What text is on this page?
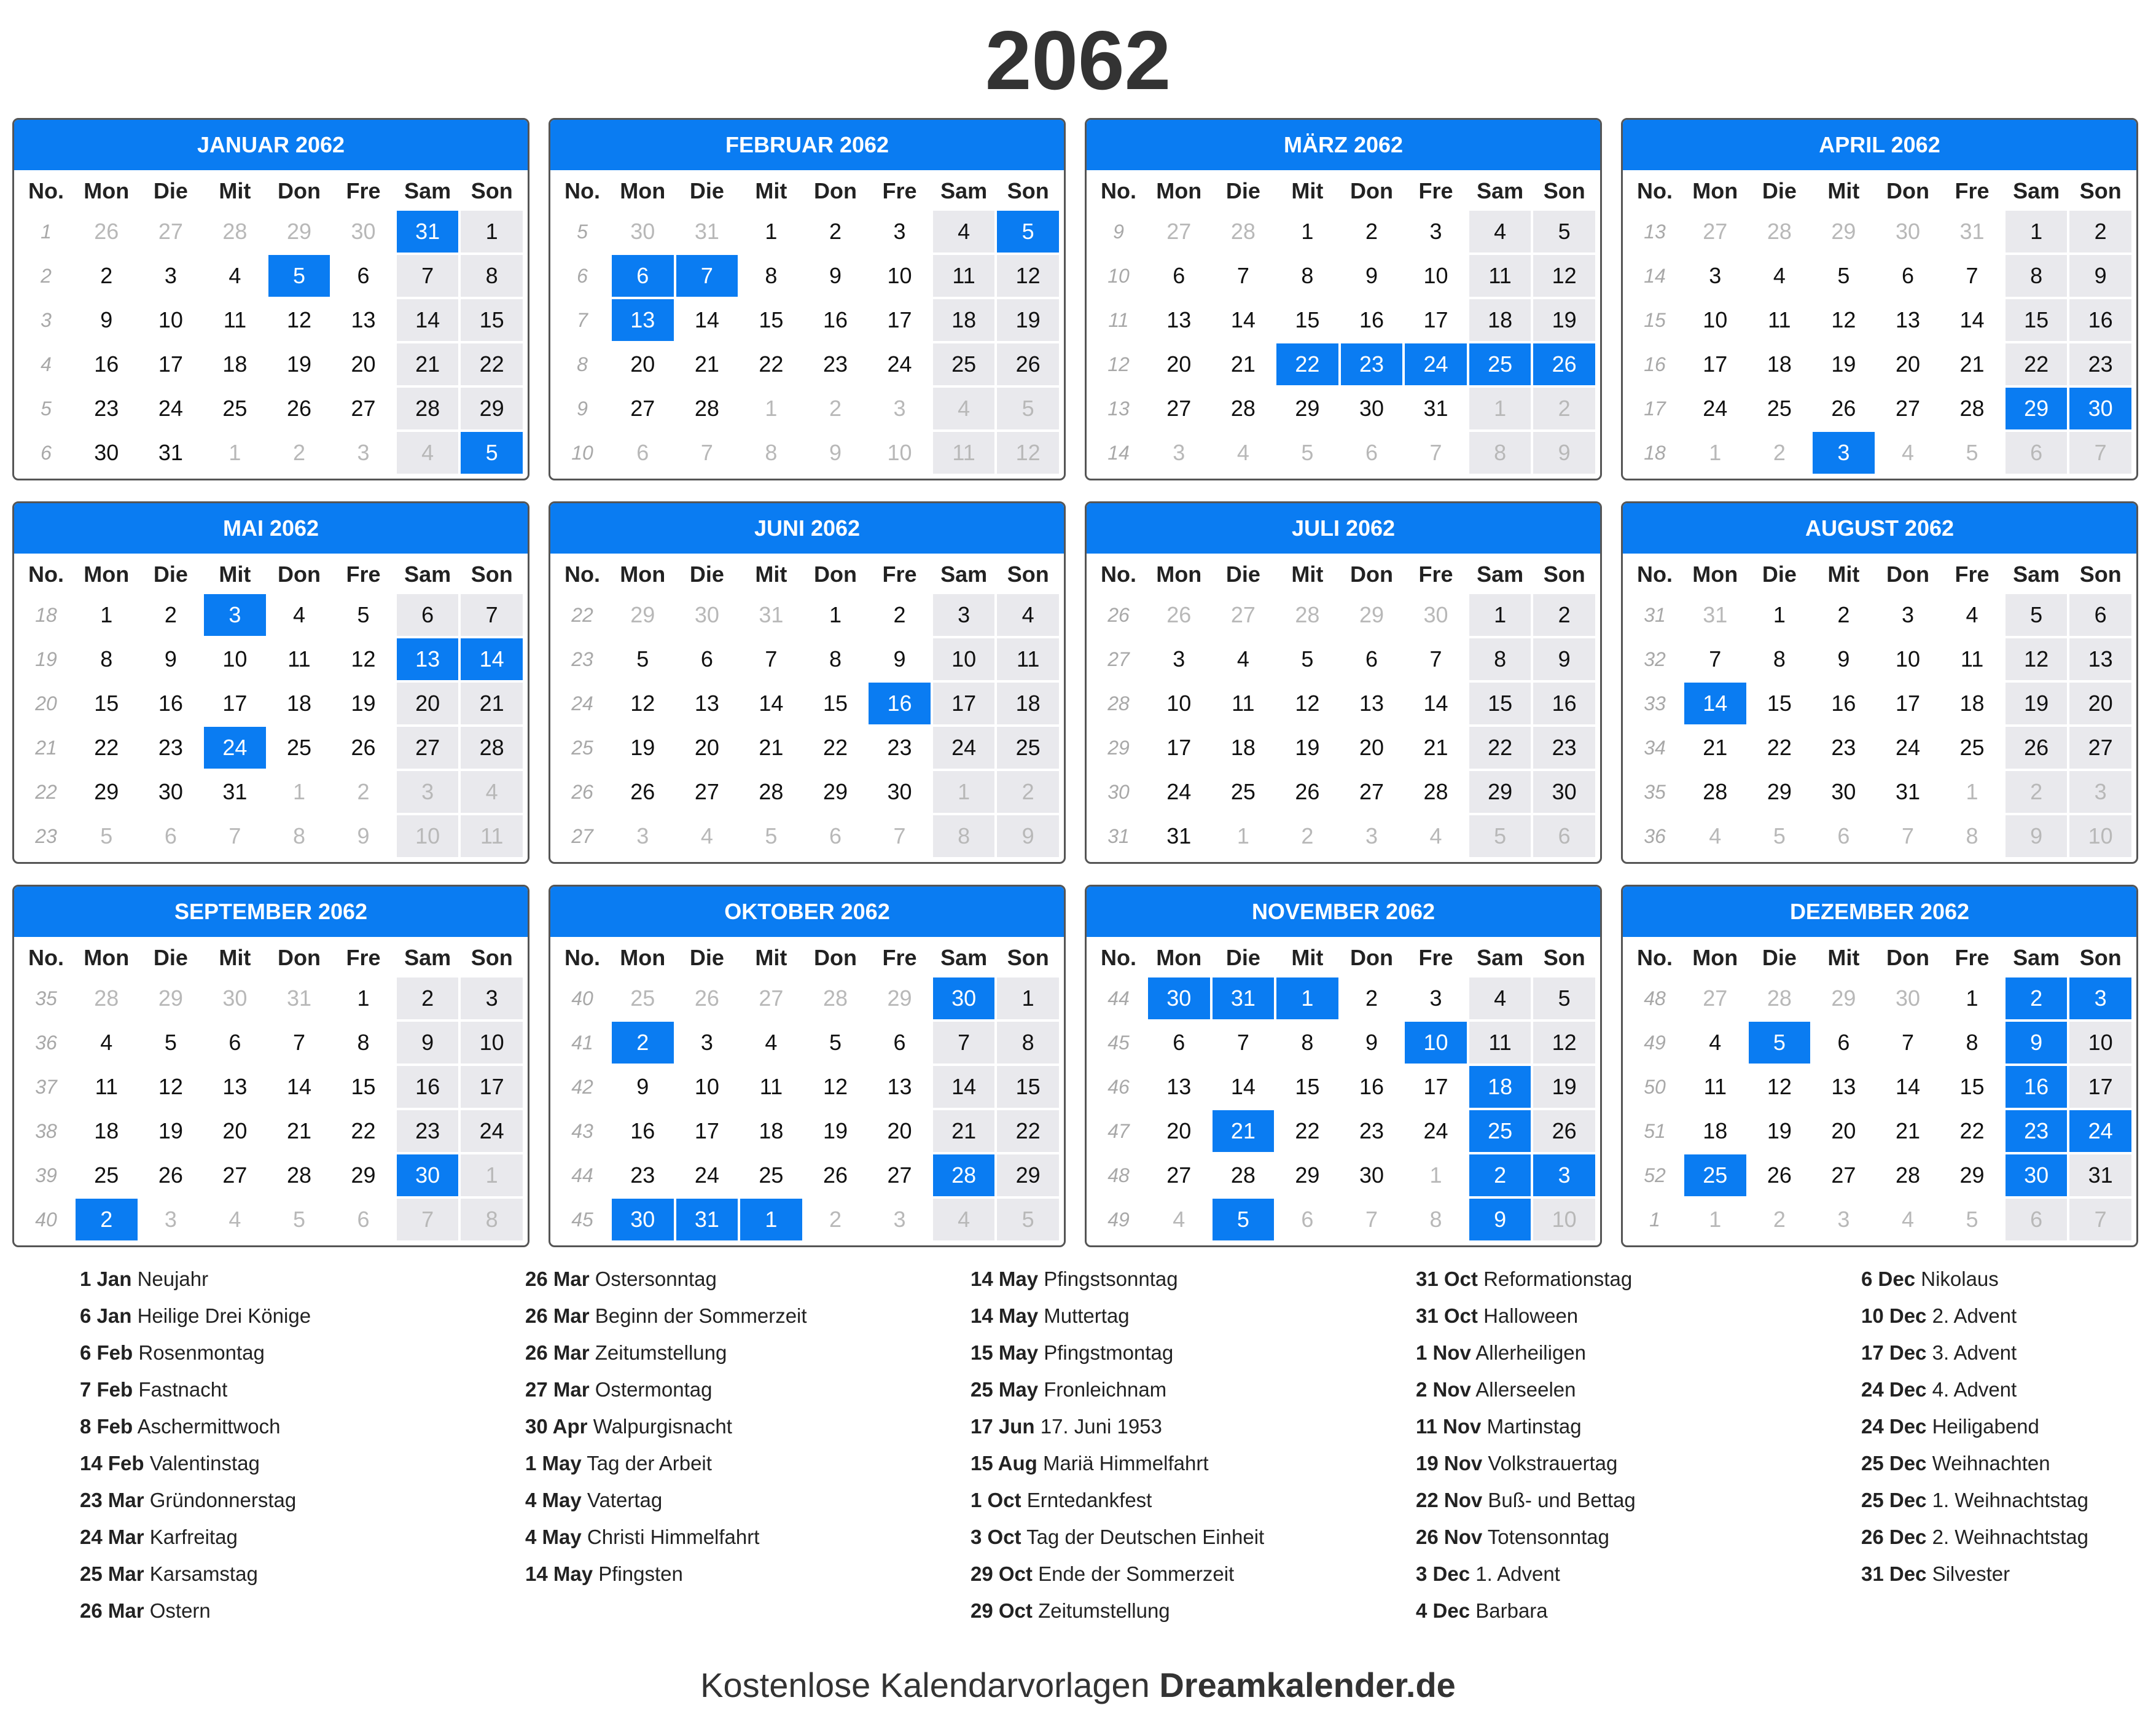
2062
JANUAR 2062
No.	Mon	Die	Mit	Don	Fre	Sam	Son
1	26	27	28	29	30	31	1
2	2	3	4	5	6	7	8
3	9	10	11	12	13	14	15
4	16	17	18	19	20	21	22
5	23	24	25	26	27	28	29
6	30	31	1	2	3	4	5
FEBRUAR 2062
No.	Mon	Die	Mit	Don	Fre	Sam	Son
5	30	31	1	2	3	4	5
6	6	7	8	9	10	11	12
7	13	14	15	16	17	18	19
8	20	21	22	23	24	25	26
9	27	28	1	2	3	4	5
10	6	7	8	9	10	11	12
MÄRZ 2062
No.	Mon	Die	Mit	Don	Fre	Sam	Son
9	27	28	1	2	3	4	5
10	6	7	8	9	10	11	12
11	13	14	15	16	17	18	19
12	20	21	22	23	24	25	26
13	27	28	29	30	31	1	2
14	3	4	5	6	7	8	9
APRIL 2062
No.	Mon	Die	Mit	Don	Fre	Sam	Son
13	27	28	29	30	31	1	2
14	3	4	5	6	7	8	9
15	10	11	12	13	14	15	16
16	17	18	19	20	21	22	23
17	24	25	26	27	28	29	30
18	1	2	3	4	5	6	7
MAI 2062
No.	Mon	Die	Mit	Don	Fre	Sam	Son
18	1	2	3	4	5	6	7
19	8	9	10	11	12	13	14
20	15	16	17	18	19	20	21
21	22	23	24	25	26	27	28
22	29	30	31	1	2	3	4
23	5	6	7	8	9	10	11
JUNI 2062
No.	Mon	Die	Mit	Don	Fre	Sam	Son
22	29	30	31	1	2	3	4
23	5	6	7	8	9	10	11
24	12	13	14	15	16	17	18
25	19	20	21	22	23	24	25
26	26	27	28	29	30	1	2
27	3	4	5	6	7	8	9
JULI 2062
No.	Mon	Die	Mit	Don	Fre	Sam	Son
26	26	27	28	29	30	1	2
27	3	4	5	6	7	8	9
28	10	11	12	13	14	15	16
29	17	18	19	20	21	22	23
30	24	25	26	27	28	29	30
31	31	1	2	3	4	5	6
AUGUST 2062
No.	Mon	Die	Mit	Don	Fre	Sam	Son
31	31	1	2	3	4	5	6
32	7	8	9	10	11	12	13
33	14	15	16	17	18	19	20
34	21	22	23	24	25	26	27
35	28	29	30	31	1	2	3
36	4	5	6	7	8	9	10
SEPTEMBER 2062
No.	Mon	Die	Mit	Don	Fre	Sam	Son
35	28	29	30	31	1	2	3
36	4	5	6	7	8	9	10
37	11	12	13	14	15	16	17
38	18	19	20	21	22	23	24
39	25	26	27	28	29	30	1
40	2	3	4	5	6	7	8
OKTOBER 2062
No.	Mon	Die	Mit	Don	Fre	Sam	Son
40	25	26	27	28	29	30	1
41	2	3	4	5	6	7	8
42	9	10	11	12	13	14	15
43	16	17	18	19	20	21	22
44	23	24	25	26	27	28	29
45	30	31	1	2	3	4	5
NOVEMBER 2062
No.	Mon	Die	Mit	Don	Fre	Sam	Son
44	30	31	1	2	3	4	5
45	6	7	8	9	10	11	12
46	13	14	15	16	17	18	19
47	20	21	22	23	24	25	26
48	27	28	29	30	1	2	3
49	4	5	6	7	8	9	10
DEZEMBER 2062
No.	Mon	Die	Mit	Don	Fre	Sam	Son
48	27	28	29	30	1	2	3
49	4	5	6	7	8	9	10
50	11	12	13	14	15	16	17
51	18	19	20	21	22	23	24
52	25	26	27	28	29	30	31
1	1	2	3	4	5	6	7
1 Jan Neujahr
6 Jan Heilige Drei Könige
6 Feb Rosenmontag
7 Feb Fastnacht
8 Feb Aschermittwoch
14 Feb Valentinstag
23 Mar Gründonnerstag
24 Mar Karfreitag
25 Mar Karsamstag
26 Mar Ostern
26 Mar Ostersonntag
26 Mar Beginn der Sommerzeit
26 Mar Zeitumstellung
27 Mar Ostermontag
30 Apr Walpurgisnacht
1 May Tag der Arbeit
4 May Vatertag
4 May Christi Himmelfahrt
14 May Pfingsten
14 May Pfingstsonntag
14 May Muttertag
15 May Pfingstmontag
25 May Fronleichnam
17 Jun 17. Juni 1953
15 Aug Mariä Himmelfahrt
1 Oct Erntedankfest
3 Oct Tag der Deutschen Einheit
29 Oct Ende der Sommerzeit
29 Oct Zeitumstellung
31 Oct Reformationstag
31 Oct Halloween
1 Nov Allerheiligen
2 Nov Allerseelen
11 Nov Martinstag
19 Nov Volkstrauertag
22 Nov Buß- und Bettag
26 Nov Totensonntag
3 Dec 1. Advent
4 Dec Barbara
6 Dec Nikolaus
10 Dec 2. Advent
17 Dec 3. Advent
24 Dec 4. Advent
24 Dec Heiligabend
25 Dec Weihnachten
25 Dec 1. Weihnachtstag
26 Dec 2. Weihnachtstag
31 Dec Silvester
Kostenlose Kalendarvorlagen Dreamkalender.de
